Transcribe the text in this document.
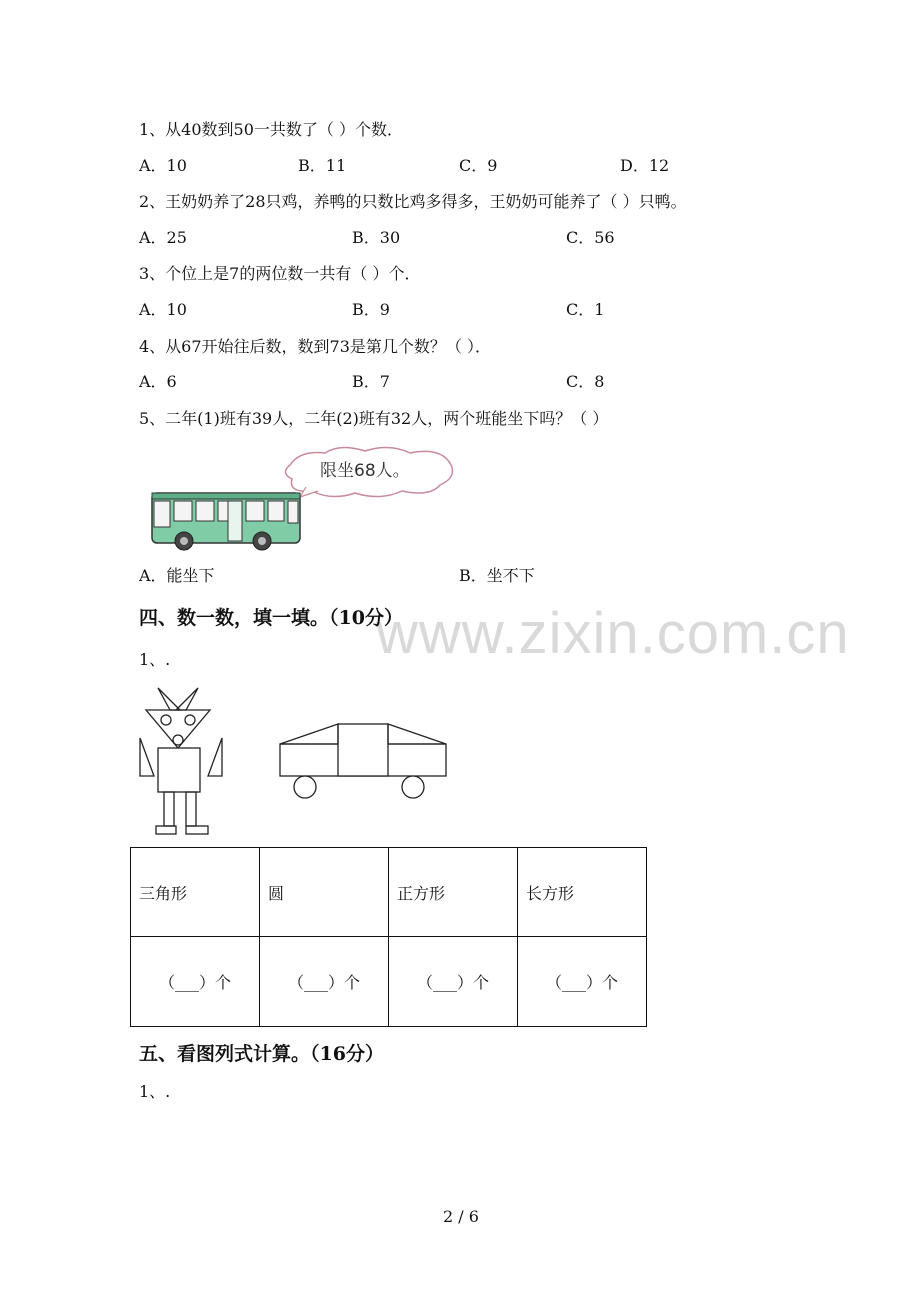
www.zixin.com.cn
1、从40数到50一共数了（ ）个数．
A．10	B．11	C．9	D．12
2、王奶奶养了28只鸡，养鸭的只数比鸡多得多，王奶奶可能养了（ ）只鸭。
A．25	B．30	C．56
3、个位上是7的两位数一共有（ ）个．
A．10	B．9	C．1
4、从67开始往后数，数到73是第几个数？（ ）．
A．6	B．7	C．8
5、二年(1)班有39人，二年(2)班有32人，两个班能坐下吗？（ ）
限坐68人。
A．能坐下	B．坐不下
四、数一数，填一填。（10分）
1、.
三角形	圆	正方形	长方形
（___）个	（___）个	（___）个	（___）个
五、看图列式计算。（16分）
1、.
2 / 6
